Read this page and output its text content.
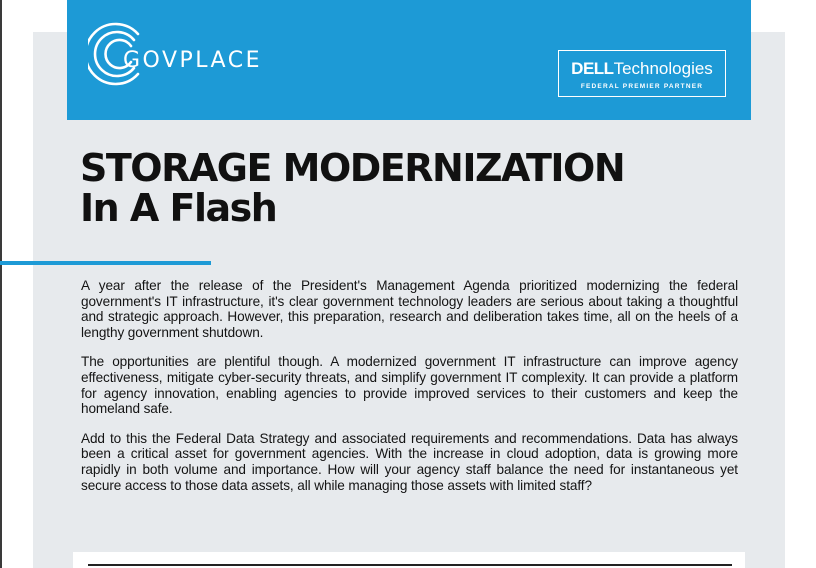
GOVPLACE	DELLTechnologies
FEDERAL PREMIER PARTNER
STORAGE MODERNIZATION
In A Flash

A year after the release of the President's Management Agenda prioritized modernizing the federal government's IT infrastructure, it's clear government technology leaders are serious about taking a thoughtful and strategic approach. However, this preparation, research and deliberation takes time, all on the heels of a lengthy government shutdown.

The opportunities are plentiful though. A modernized government IT infrastructure can improve agency effectiveness, mitigate cyber-security threats, and simplify government IT complexity. It can provide a platform for agency innovation, enabling agencies to provide improved services to their customers and keep the homeland safe.

Add to this the Federal Data Strategy and associated requirements and recommendations. Data has always been a critical asset for government agencies. With the increase in cloud adoption, data is growing more rapidly in both volume and importance. How will your agency staff balance the need for instantaneous yet secure access to those data assets, all while managing those assets with limited staff?
